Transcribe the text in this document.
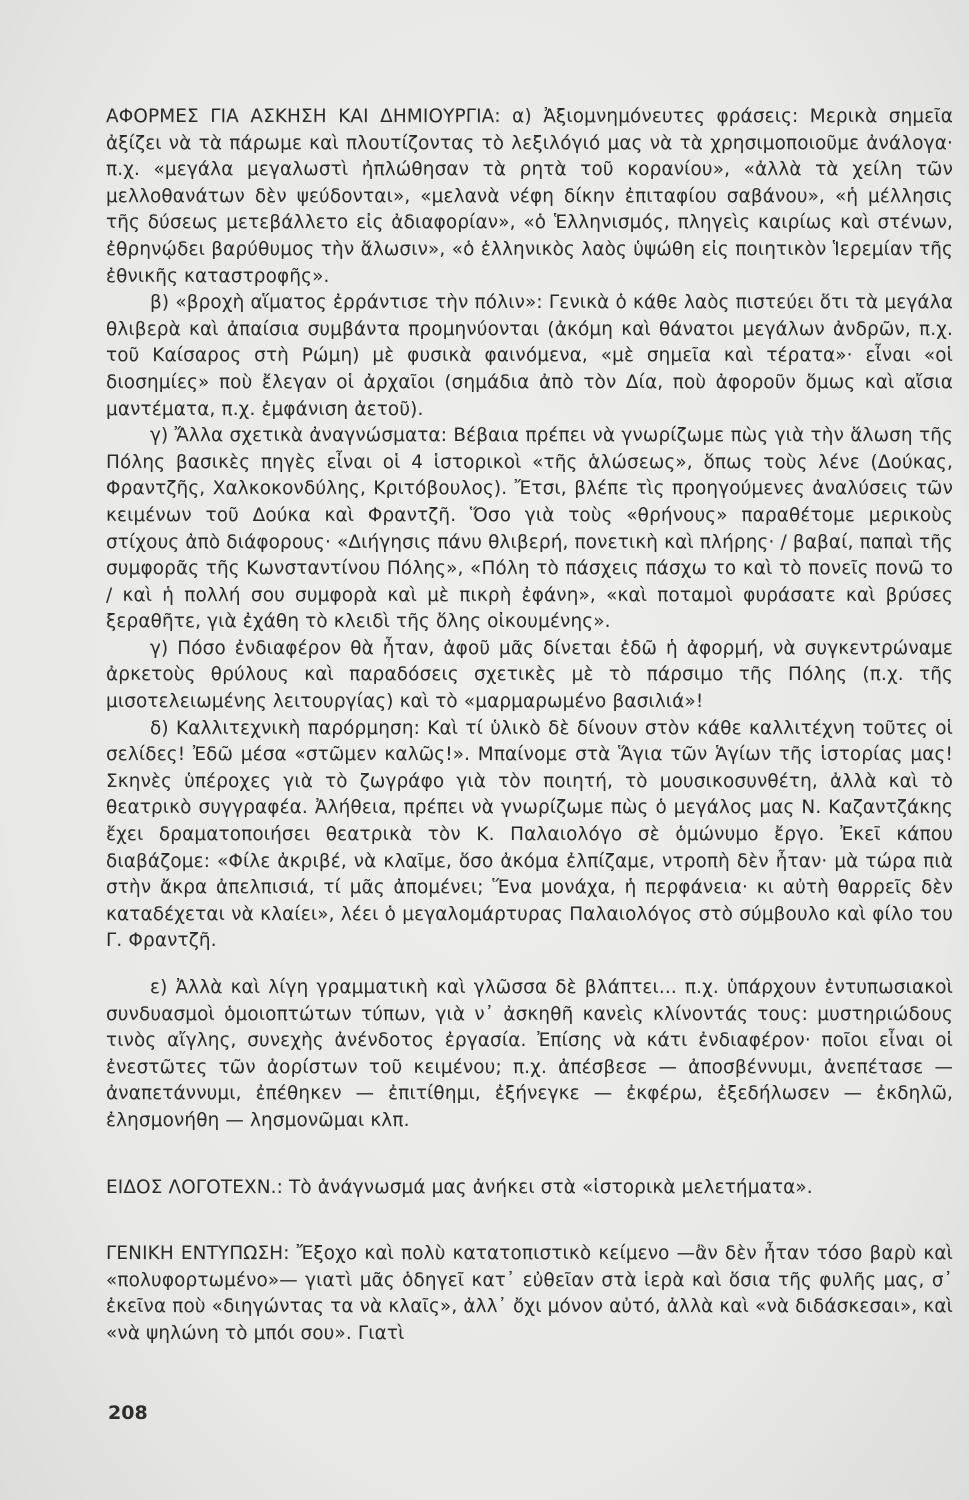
ΑΦΟΡΜΕΣ ΓΙΑ ΑΣΚΗΣΗ ΚΑΙ ΔΗΜΙΟΥΡΓΙΑ: α) Ἀξιομνημόνευτες φράσεις: Μερικὰ σημεῖα ἀξίζει νὰ τὰ πάρωμε καὶ πλουτίζοντας τὸ λεξιλόγιό μας νὰ τὰ χρησιμοποιοῦμε ἀνάλογα· π.χ. «μεγάλα μεγαλωστὶ ἠπλώθησαν τὰ ρητὰ τοῦ κορανίου», «ἀλλὰ τὰ χείλη τῶν μελλοθανάτων δὲν ψεύδονται», «μελανὰ νέφη δίκην ἐπιταφίου σαβάνου», «ἡ μέλλησις τῆς δύσεως μετεβάλλετο εἰς ἀδιαφορίαν», «ὁ Ἑλληνισμός, πληγεὶς καιρίως καὶ στένων, ἐθρηνῴδει βαρύθυμος τὴν ἅλωσιν», «ὁ ἑλληνικὸς λαὸς ὑψώθη εἰς ποιητικὸν Ἱερεμίαν τῆς ἐθνικῆς καταστροφῆς».

β) «βροχὴ αἵματος ἐρράντισε τὴν πόλιν»: Γενικὰ ὁ κάθε λαὸς πιστεύει ὅτι τὰ μεγάλα θλιβερὰ καὶ ἀπαίσια συμβάντα προμηνύονται (ἀκόμη καὶ θάνατοι μεγάλων ἀνδρῶν, π.χ. τοῦ Καίσαρος στὴ Ρώμη) μὲ φυσικὰ φαινόμενα, «μὲ σημεῖα καὶ τέρατα»· εἶναι «οἱ διοσημίες» ποὺ ἔλεγαν οἱ ἀρχαῖοι (σημάδια ἀπὸ τὸν Δία, ποὺ ἀφοροῦν ὅμως καὶ αἴσια μαντέματα, π.χ. ἐμφάνιση ἀετοῦ).

γ) Ἄλλα σχετικὰ ἀναγνώσματα: Βέβαια πρέπει νὰ γνωρίζωμε πὼς γιὰ τὴν ἅλωση τῆς Πόλης βασικὲς πηγὲς εἶναι οἱ 4 ἱστορικοὶ «τῆς ἁλώσεως», ὅπως τοὺς λένε (Δούκας, Φραντζῆς, Χαλκοκονδύλης, Κριτόβουλος). Ἔτσι, βλέπε τὶς προηγούμενες ἀναλύσεις τῶν κειμένων τοῦ Δούκα καὶ Φραντζῆ. Ὅσο γιὰ τοὺς «θρήνους» παραθέτομε μερικοὺς στίχους ἀπὸ διάφορους· «Διήγησις πάνυ θλιβερή, πονετικὴ καὶ πλήρης· / βαβαί, παπαὶ τῆς συμφορᾶς τῆς Κωνσταντίνου Πόλης», «Πόλη τὸ πάσχεις πάσχω το καὶ τὸ πονεῖς πονῶ το / καὶ ἡ πολλή σου συμφορὰ καὶ μὲ πικρὴ ἐφάνη», «καὶ ποταμοὶ φυράσατε καὶ βρύσες ξεραθῆτε, γιὰ ἐχάθη τὸ κλειδὶ τῆς ὅλης οἰκουμένης».

γ) Πόσο ἐνδιαφέρον θὰ ἦταν, ἀφοῦ μᾶς δίνεται ἐδῶ ἡ ἀφορμή, νὰ συγκεντρώναμε ἀρκετοὺς θρύλους καὶ παραδόσεις σχετικὲς μὲ τὸ πάρσιμο τῆς Πόλης (π.χ. τῆς μισοτελειωμένης λειτουργίας) καὶ τὸ «μαρμαρωμένο βασιλιά»!

δ) Καλλιτεχνικὴ παρόρμηση: Καὶ τί ὑλικὸ δὲ δίνουν στὸν κάθε καλλιτέχνη τοῦτες οἱ σελίδες! Ἐδῶ μέσα «στῶμεν καλῶς!». Μπαίνομε στὰ Ἅγια τῶν Ἁγίων τῆς ἱστορίας μας! Σκηνὲς ὑπέροχες γιὰ τὸ ζωγράφο γιὰ τὸν ποιητή, τὸ μουσικοσυνθέτη, ἀλλὰ καὶ τὸ θεατρικὸ συγγραφέα. Ἀλήθεια, πρέπει νὰ γνωρίζωμε πὼς ὁ μεγάλος μας Ν. Καζαντζάκης ἔχει δραματοποιήσει θεατρικὰ τὸν Κ. Παλαιολόγο σὲ ὁμώνυμο ἔργο. Ἐκεῖ κάπου διαβάζομε: «Φίλε ἀκριβέ, νὰ κλαῖμε, ὅσο ἀκόμα ἐλπίζαμε, ντροπὴ δὲν ἦταν· μὰ τώρα πιὰ στὴν ἄκρα ἀπελπισιά, τί μᾶς ἀπομένει; Ἕνα μονάχα, ἡ περφάνεια· κι αὐτὴ θαρρεῖς δὲν καταδέχεται νὰ κλαίει», λέει ὁ μεγαλομάρτυρας Παλαιολόγος στὸ σύμβουλο καὶ φίλο του Γ. Φραντζῆ.

ε) Ἀλλὰ καὶ λίγη γραμματικὴ καὶ γλῶσσα δὲ βλάπτει... π.χ. ὑπάρχουν ἐντυπωσιακοὶ συνδυασμοὶ ὁμοιοπτώτων τύπων, γιὰ ν᾽ ἀσκηθῆ κανεὶς κλίνοντάς τους: μυστηριώδους τινὸς αἴγλης, συνεχὴς ἀνένδοτος ἐργασία. Ἐπίσης νὰ κάτι ἐνδιαφέρον· ποῖοι εἶναι οἱ ἐνεστῶτες τῶν ἀορίστων τοῦ κειμένου; π.χ. ἀπέσβεσε — ἀποσβέννυμι, ἀνεπέτασε — ἀναπετάννυμι, ἐπέθηκεν — ἐπιτίθημι, ἐξήνεγκε — ἐκφέρω, ἐξεδήλωσεν — ἐκδηλῶ, ἐλησμονήθη — λησμονῶμαι κλπ.

ΕΙΔΟΣ ΛΟΓΟΤΕΧΝ.: Τὸ ἀνάγνωσμά μας ἀνήκει στὰ «ἱστορικὰ μελετήματα».

ΓΕΝΙΚΗ ΕΝΤΥΠΩΣΗ: Ἔξοχο καὶ πολὺ κατατοπιστικὸ κείμενο —ἂν δὲν ἦταν τόσο βαρὺ καὶ «πολυφορτωμένο»— γιατὶ μᾶς ὁδηγεῖ κατ᾽ εὐθεῖαν στὰ ἱερὰ καὶ ὅσια τῆς φυλῆς μας, σ᾽ ἐκεῖνα ποὺ «διηγώντας τα νὰ κλαῖς», ἀλλ᾽ ὄχι μόνον αὐτό, ἀλλὰ καὶ «νὰ διδάσκεσαι», καὶ «νὰ ψηλώνη τὸ μπόι σου». Γιατὶ

208
